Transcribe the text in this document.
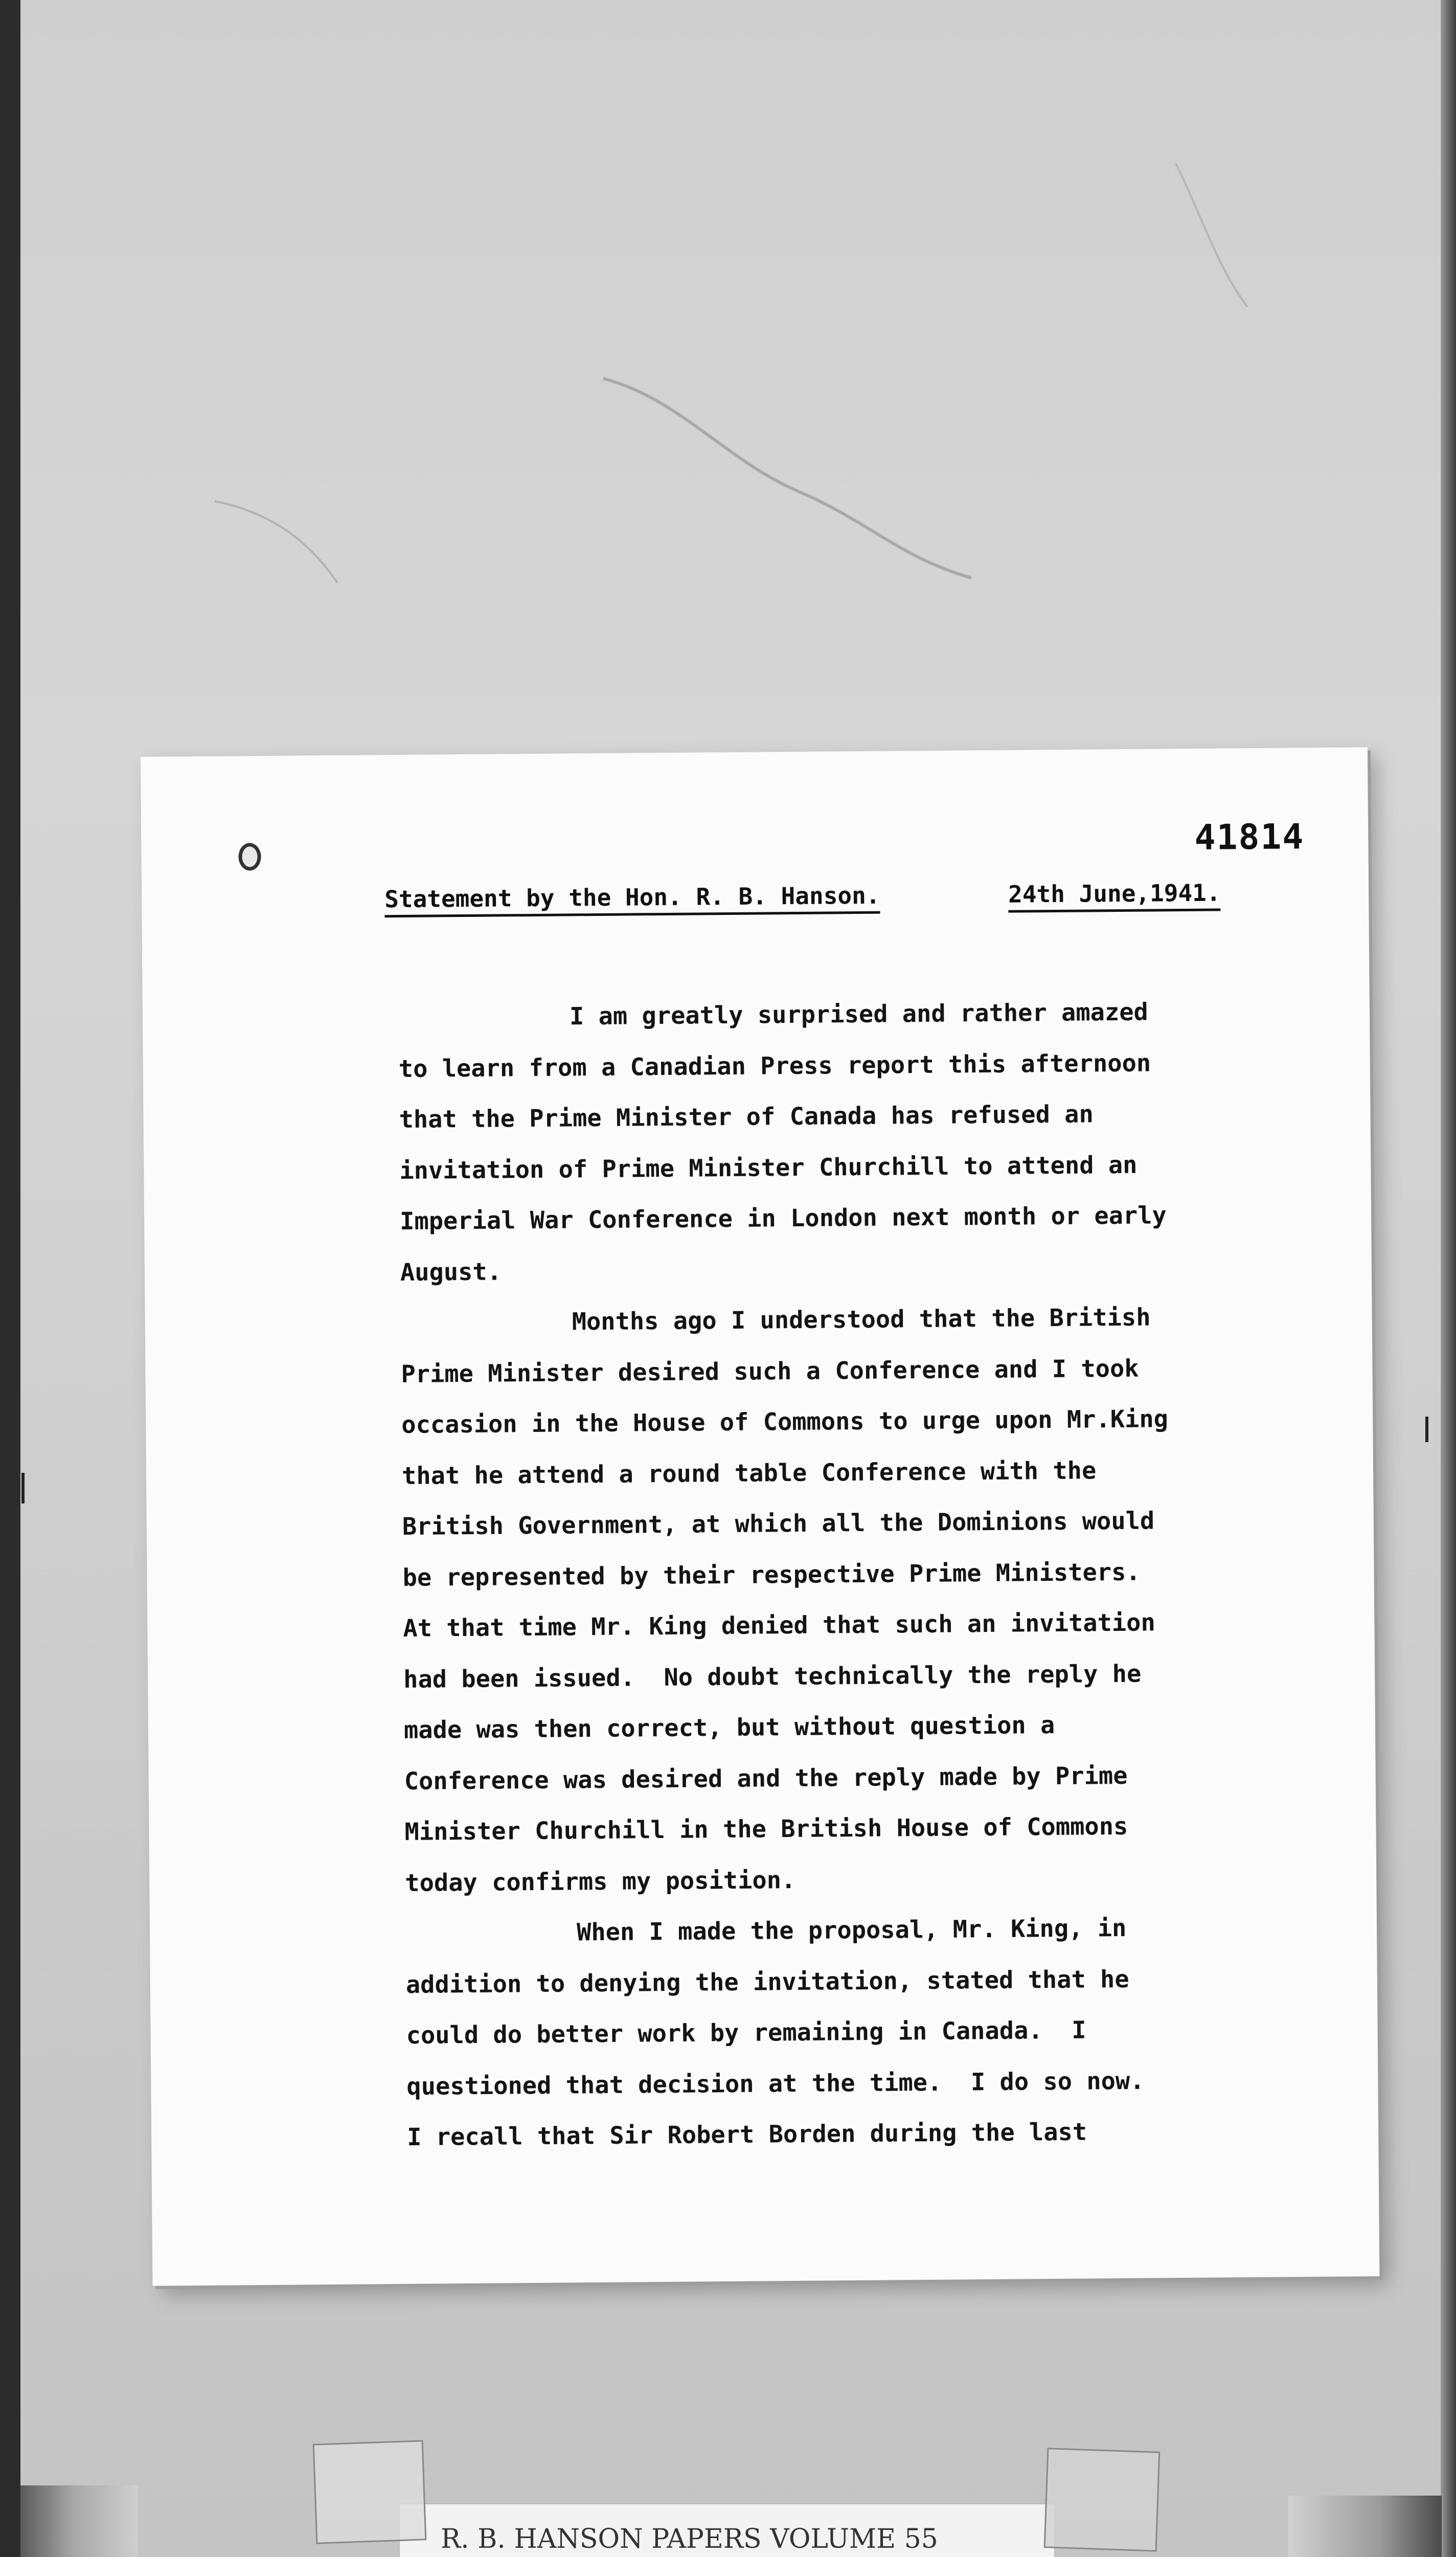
41814
Statement by the Hon. R. B. Hanson.	24th June,1941.
I am greatly surprised and rather amazed
to learn from a Canadian Press report this afternoon
that the Prime Minister of Canada has refused an
invitation of Prime Minister Churchill to attend an
Imperial War Conference in London next month or early
August.
Months ago I understood that the British
Prime Minister desired such a Conference and I took
occasion in the House of Commons to urge upon Mr.King
that he attend a round table Conference with the
British Government, at which all the Dominions would
be represented by their respective Prime Ministers.
At that time Mr. King denied that such an invitation
had been issued.  No doubt technically the reply he
made was then correct, but without question a
Conference was desired and the reply made by Prime
Minister Churchill in the British House of Commons
today confirms my position.
When I made the proposal, Mr. King, in
addition to denying the invitation, stated that he
could do better work by remaining in Canada.  I
questioned that decision at the time.  I do so now.
I recall that Sir Robert Borden during the last
R. B. HANSON PAPERS VOLUME 55
